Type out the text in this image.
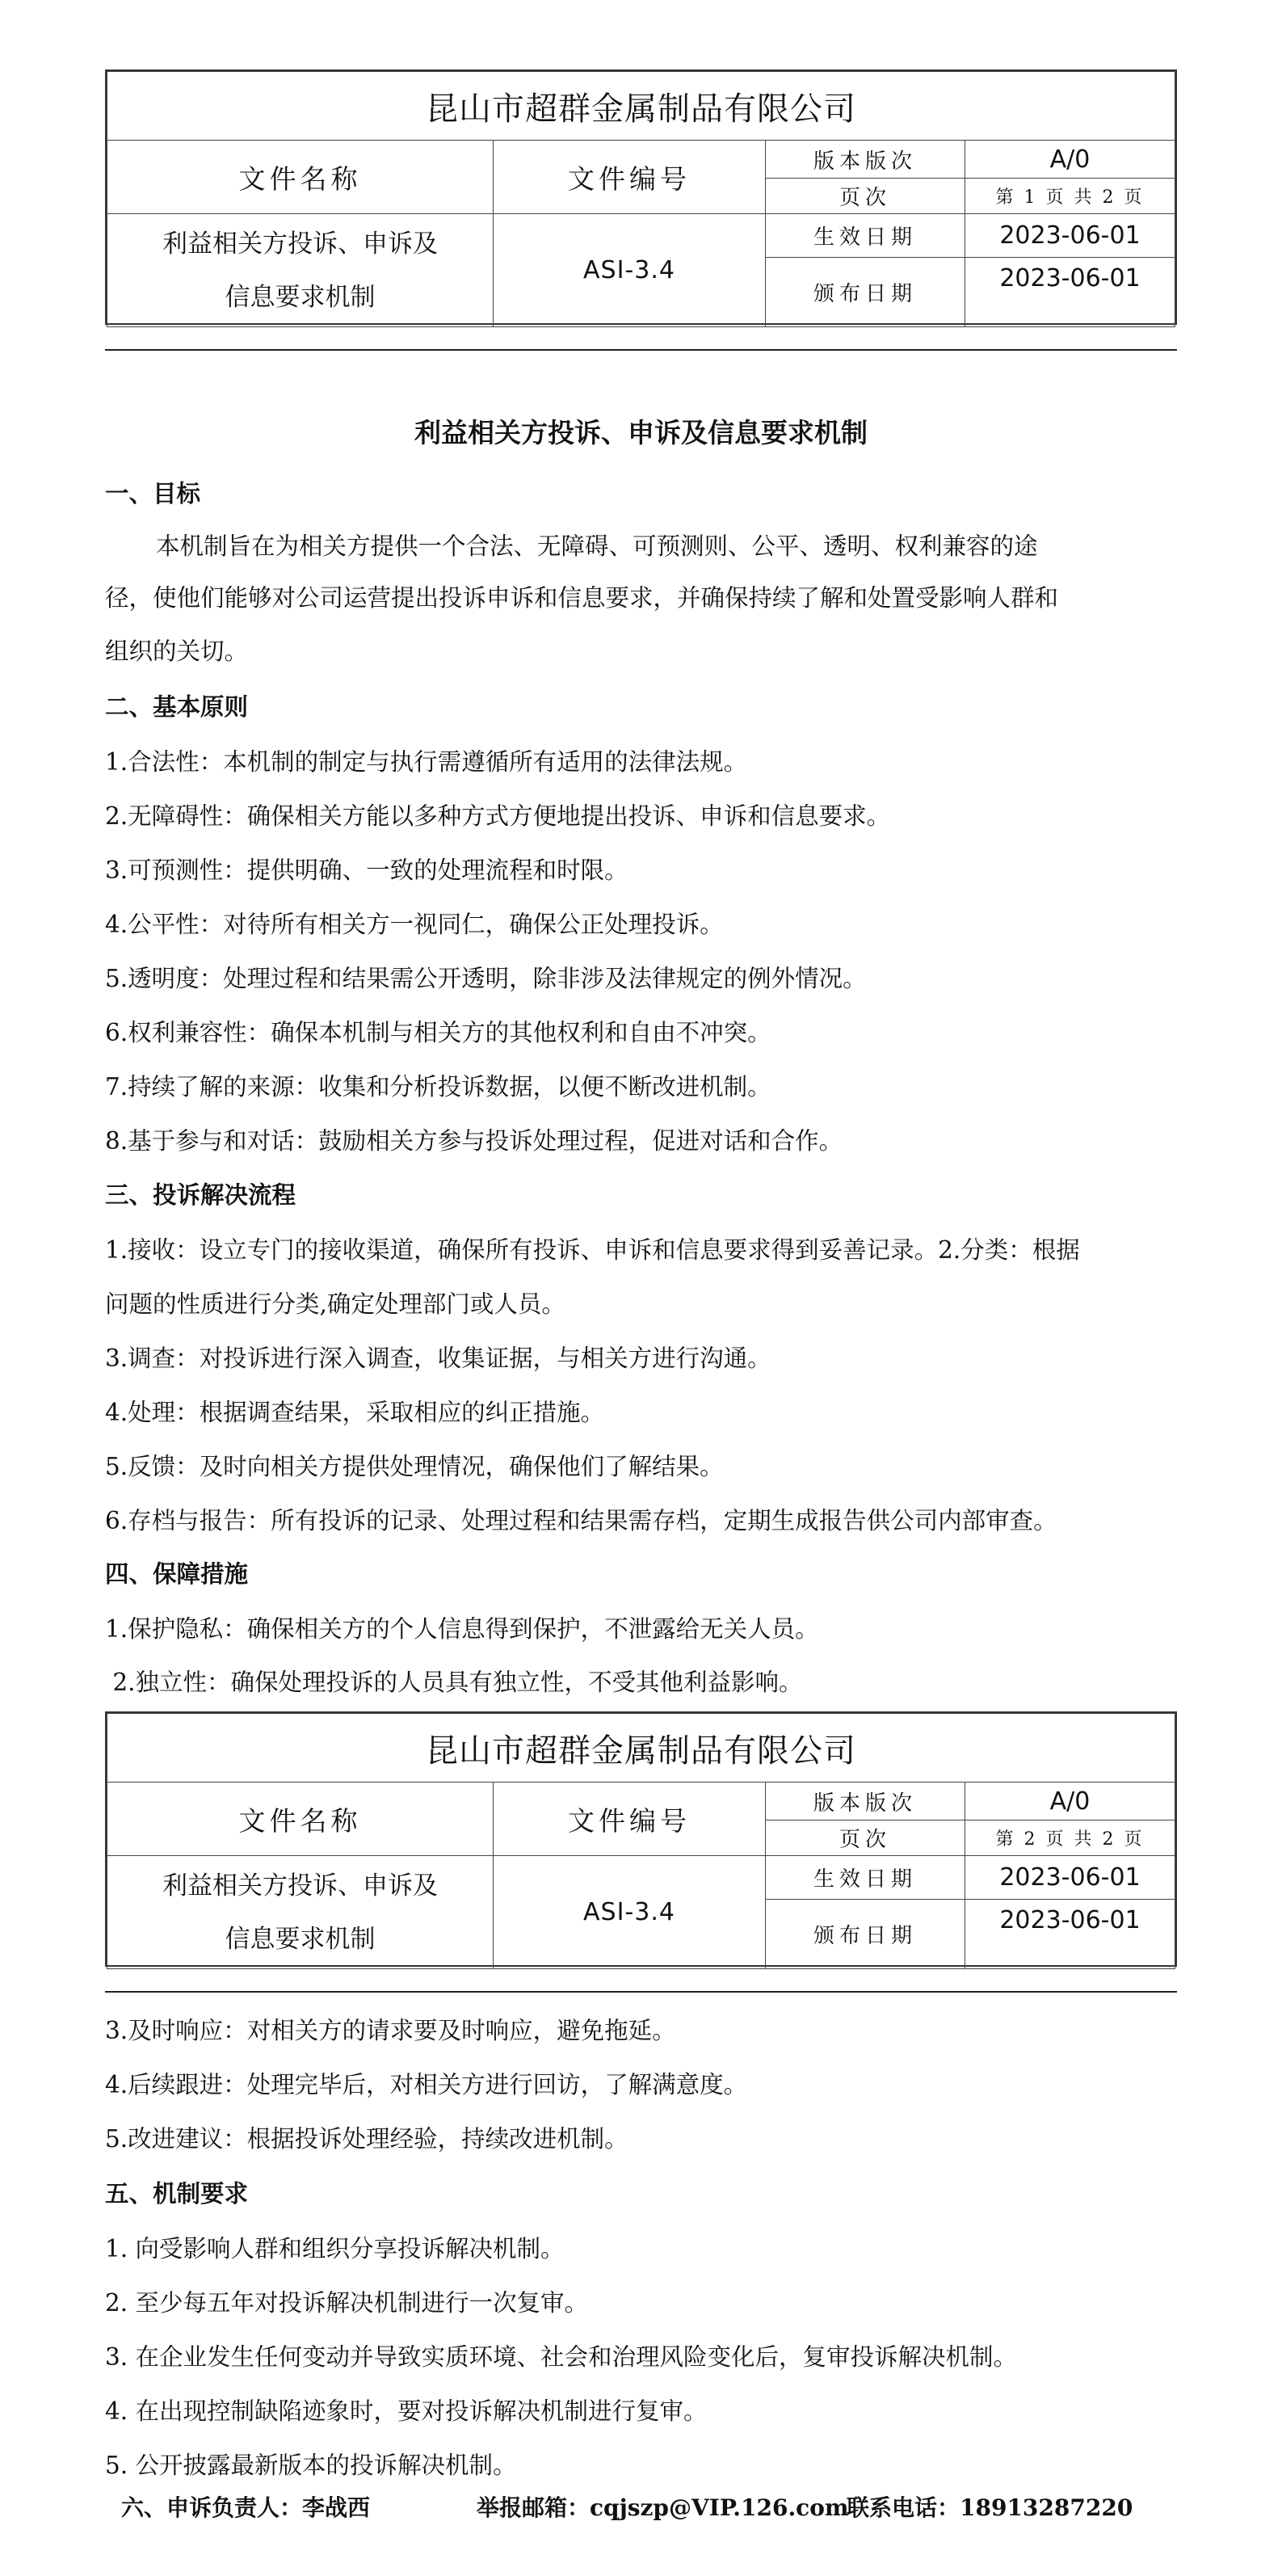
昆山市超群金属制品有限公司			
文件名称	文件编号	版本版次	A/0
		页次	第 1 页 共 2 页

利益相关方投诉、申诉及
信息要求机制	ASI-3.4	生效日期	2023-06-01
		颁布日期	2023-06-01
利益相关方投诉、申诉及信息要求机制
一、目标
本机制旨在为相关方提供一个合法、无障碍、可预测则、公平、透明、权利兼容的途
径，使他们能够对公司运营提出投诉申诉和信息要求，并确保持续了解和处置受影响人群和
组织的关切。
二、基本原则
1.合法性：本机制的制定与执行需遵循所有适用的法律法规。
2.无障碍性：确保相关方能以多种方式方便地提出投诉、申诉和信息要求。
3.可预测性：提供明确、一致的处理流程和时限。
4.公平性：对待所有相关方一视同仁，确保公正处理投诉。
5.透明度：处理过程和结果需公开透明，除非涉及法律规定的例外情况。
6.权利兼容性：确保本机制与相关方的其他权利和自由不冲突。
7.持续了解的来源：收集和分析投诉数据，以便不断改进机制。
8.基于参与和对话：鼓励相关方参与投诉处理过程，促进对话和合作。
三、投诉解决流程
1.接收：设立专门的接收渠道，确保所有投诉、申诉和信息要求得到妥善记录。2.分类：根据
问题的性质进行分类,确定处理部门或人员。
3.调查：对投诉进行深入调查，收集证据，与相关方进行沟通。
4.处理：根据调查结果，采取相应的纠正措施。
5.反馈：及时向相关方提供处理情况，确保他们了解结果。
6.存档与报告：所有投诉的记录、处理过程和结果需存档，定期生成报告供公司内部审查。
四、保障措施
1.保护隐私：确保相关方的个人信息得到保护，不泄露给无关人员。
2.独立性：确保处理投诉的人员具有独立性，不受其他利益影响。
昆山市超群金属制品有限公司			
文件名称	文件编号	版本版次	A/0
		页次	第 2 页 共 2 页

利益相关方投诉、申诉及
信息要求机制	ASI-3.4	生效日期	2023-06-01
		颁布日期	2023-06-01
3.及时响应：对相关方的请求要及时响应，避免拖延。
4.后续跟进：处理完毕后，对相关方进行回访，了解满意度。
5.改进建议：根据投诉处理经验，持续改进机制。
五、机制要求
1. 向受影响人群和组织分享投诉解决机制。
2. 至少每五年对投诉解决机制进行一次复审。
3. 在企业发生任何变动并导致实质环境、社会和治理风险变化后，复审投诉解决机制。
4. 在出现控制缺陷迹象时，要对投诉解决机制进行复审。
5. 公开披露最新版本的投诉解决机制。
六、申诉负责人：李战西	举报邮箱：cqjszp@VIP.126.com联系电话：18913287220
